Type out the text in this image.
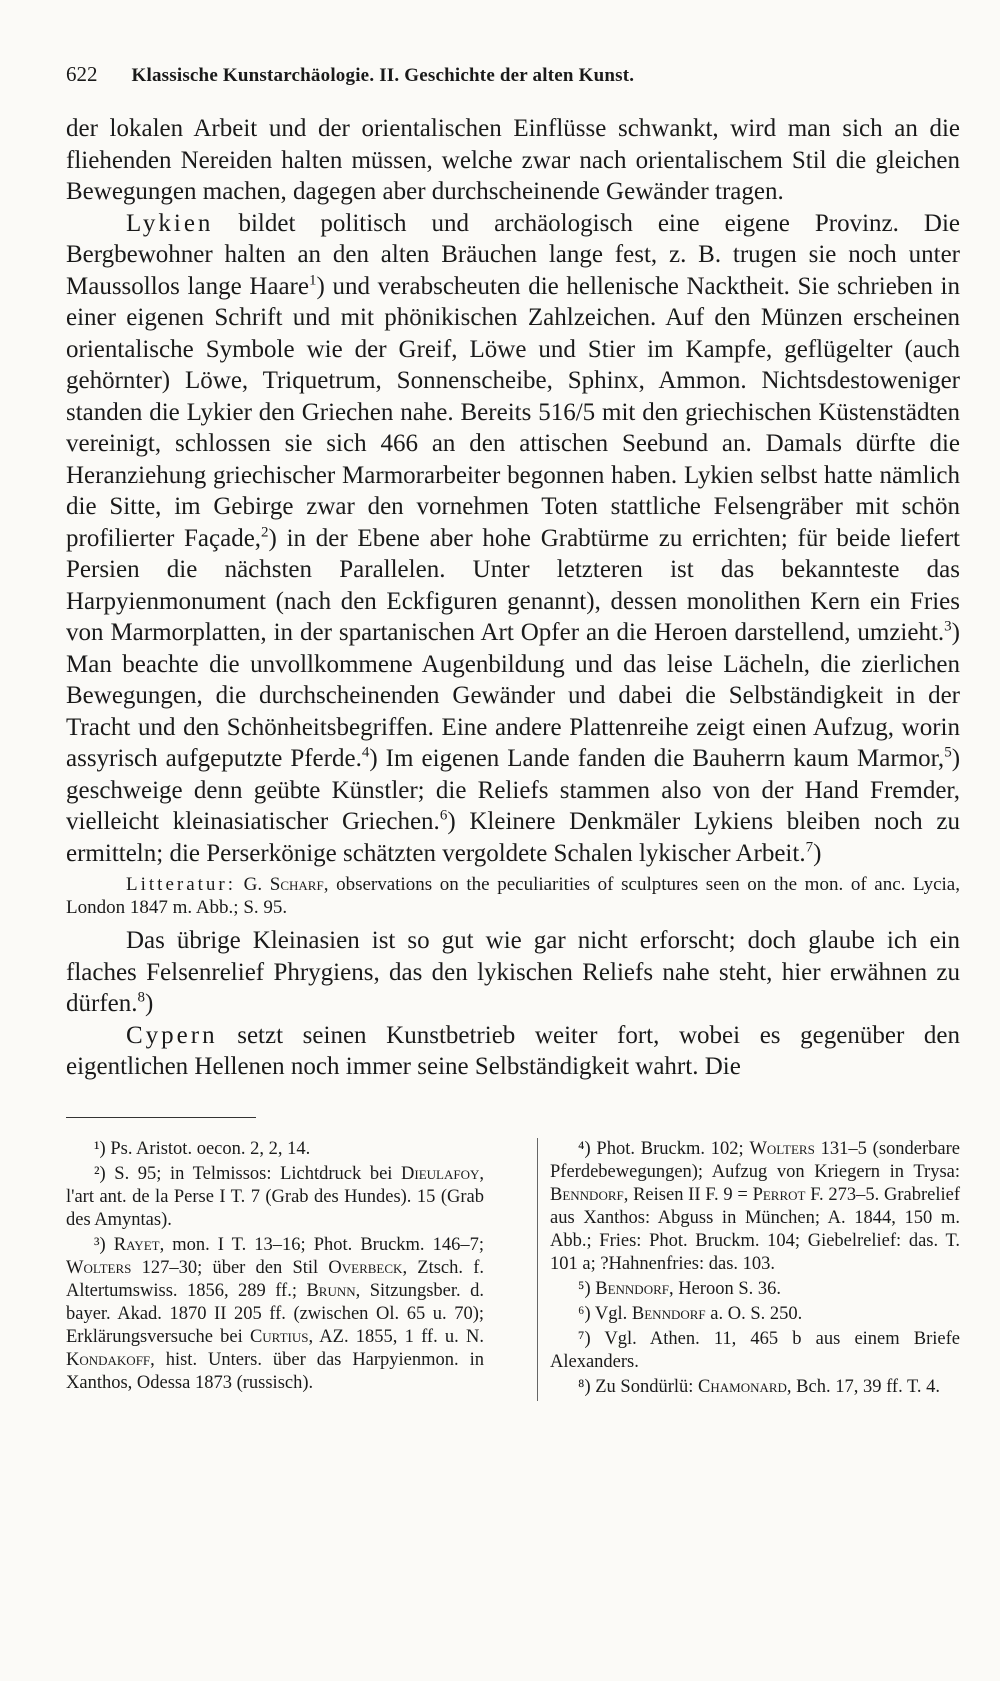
622 Klassische Kunstarchäologie. II. Geschichte der alten Kunst.

der lokalen Arbeit und der orientalischen Einflüsse schwankt, wird man sich an die fliehenden Nereiden halten müssen, welche zwar nach orientalischem Stil die gleichen Bewegungen machen, dagegen aber durchscheinende Gewänder tragen.

Lykien bildet politisch und archäologisch eine eigene Provinz. Die Bergbewohner halten an den alten Bräuchen lange fest, z. B. trugen sie noch unter Maussollos lange Haare$^1$) und verabscheuten die hellenische Nacktheit. Sie schrieben in einer eigenen Schrift und mit phönikischen Zahlzeichen. Auf den Münzen erscheinen orientalische Symbole wie der Greif, Löwe und Stier im Kampfe, geflügelter (auch gehörnter) Löwe, Triquetrum, Sonnenscheibe, Sphinx, Ammon. Nichtsdestoweniger standen die Lykier den Griechen nahe. Bereits 516/5 mit den griechischen Küstenstädten vereinigt, schlossen sie sich 466 an den attischen Seebund an. Damals dürfte die Heranziehung griechischer Marmorarbeiter begonnen haben. Lykien selbst hatte nämlich die Sitte, im Gebirge zwar den vornehmen Toten stattliche Felsengräber mit schön profilierter Façade,$^2$) in der Ebene aber hohe Grabtürme zu errichten; für beide liefert Persien die nächsten Parallelen. Unter letzteren ist das bekannteste das Harpyienmonument (nach den Eckfiguren genannt), dessen monolithen Kern ein Fries von Marmorplatten, in der spartanischen Art Opfer an die Heroen darstellend, umzieht.$^3$) Man beachte die unvollkommene Augenbildung und das leise Lächeln, die zierlichen Bewegungen, die durchscheinenden Gewänder und dabei die Selbständigkeit in der Tracht und den Schönheitsbegriffen. Eine andere Plattenreihe zeigt einen Aufzug, worin assyrisch aufgeputzte Pferde.$^4$) Im eigenen Lande fanden die Bauherrn kaum Marmor,$^5$) geschweige denn geübte Künstler; die Reliefs stammen also von der Hand Fremder, vielleicht kleinasiatischer Griechen.$^6$) Kleinere Denkmäler Lykiens bleiben noch zu ermitteln; die Perserkönige schätzten vergoldete Schalen lykischer Arbeit.$^7$)

Litteratur: G. Scharf, observations on the peculiarities of sculptures seen on the mon. of anc. Lycia, London 1847 m. Abb.; S. 95.

Das übrige Kleinasien ist so gut wie gar nicht erforscht; doch glaube ich ein flaches Felsenrelief Phrygiens, das den lykischen Reliefs nahe steht, hier erwähnen zu dürfen.$^8$)

Cypern setzt seinen Kunstbetrieb weiter fort, wobei es gegenüber den eigentlichen Hellenen noch immer seine Selbständigkeit wahrt. Die

¹) Ps. Aristot. oecon. 2, 2, 14.

²) S. 95; in Telmissos: Lichtdruck bei Dieulafoy, l'art ant. de la Perse I T. 7 (Grab des Hundes). 15 (Grab des Amyntas).

³) Rayet, mon. I T. 13–16; Phot. Bruckm. 146–7; Wolters 127–30; über den Stil Overbeck, Ztsch. f. Altertumswiss. 1856, 289 ff.; Brunn, Sitzungsber. d. bayer. Akad. 1870 II 205 ff. (zwischen Ol. 65 u. 70); Erklärungsversuche bei Curtius, AZ. 1855, 1 ff. u. N. Kondakoff, hist. Unters. über das Harpyienmon. in Xanthos, Odessa 1873 (russisch).

⁴) Phot. Bruckm. 102; Wolters 131–5 (sonderbare Pferdebewegungen); Aufzug von Kriegern in Trysa: Benndorf, Reisen II F. 9 = Perrot F. 273–5. Grabrelief aus Xanthos: Abguss in München; A. 1844, 150 m. Abb.; Fries: Phot. Bruckm. 104; Giebelrelief: das. T. 101 a; ?Hahnenfries: das. 103.

⁵) Benndorf, Heroon S. 36.

⁶) Vgl. Benndorf a. O. S. 250.

⁷) Vgl. Athen. 11, 465 b aus einem Briefe Alexanders.

⁸) Zu Sondürlü: Chamonard, Bch. 17, 39 ff. T. 4.
